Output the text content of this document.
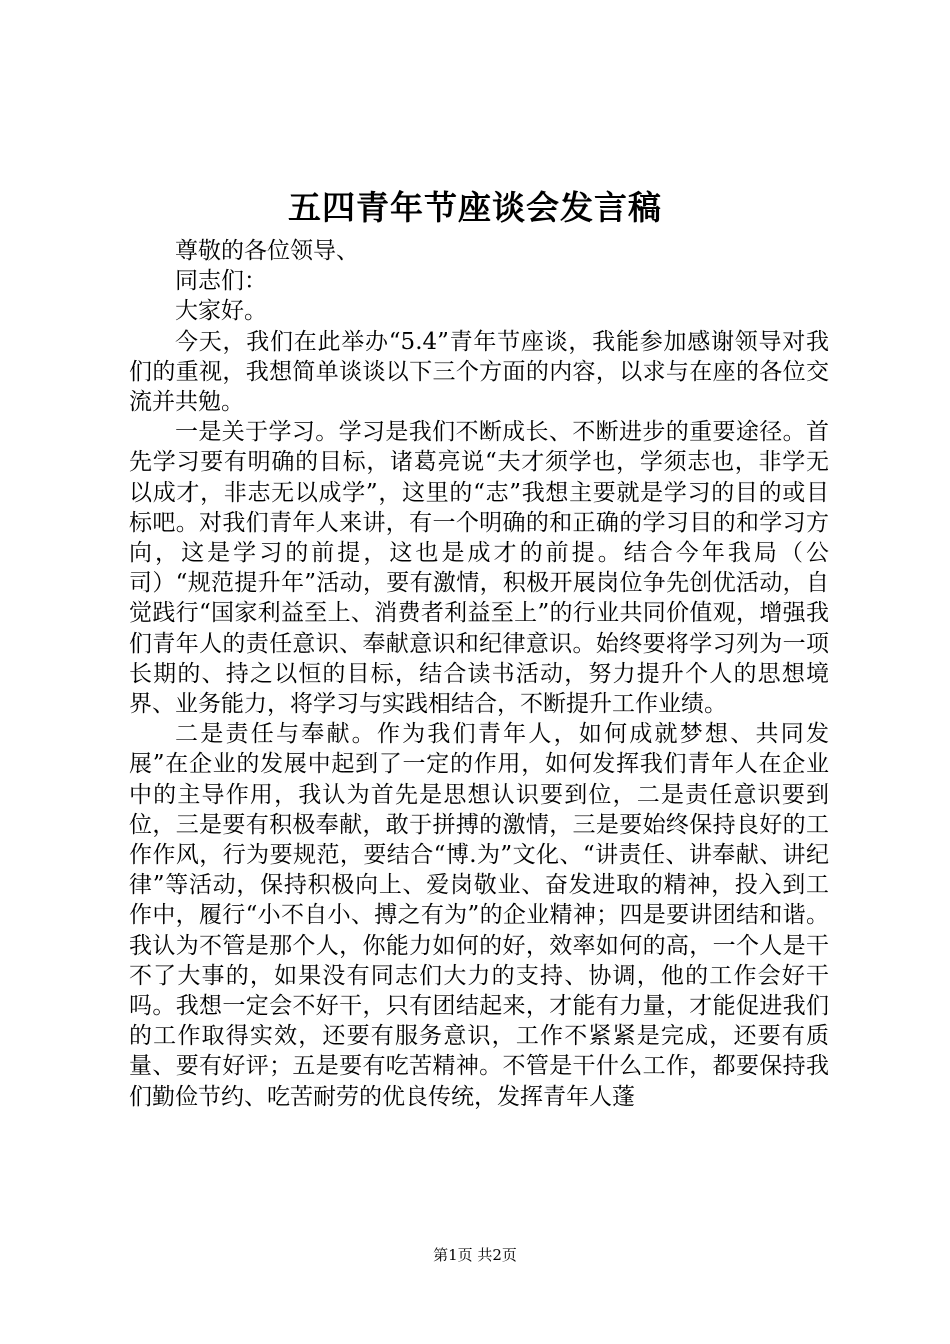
五四青年节座谈会发言稿

尊敬的各位领导、

同志们：

大家好。

今天，我们在此举办“5.4”青年节座谈，我能参加感谢领导对我们的重视，我想简单谈谈以下三个方面的内容，以求与在座的各位交流并共勉。

一是关于学习。学习是我们不断成长、不断进步的重要途径。首先学习要有明确的目标，诸葛亮说“夫才须学也，学须志也，非学无以成才，非志无以成学”，这里的“志”我想主要就是学习的目的或目标吧。对我们青年人来讲，有一个明确的和正确的学习目的和学习方向，这是学习的前提，这也是成才的前提。结合今年我局（公司）“规范提升年”活动，要有激情，积极开展岗位争先创优活动，自觉践行“国家利益至上、消费者利益至上”的行业共同价值观，增强我们青年人的责任意识、奉献意识和纪律意识。始终要将学习列为一项长期的、持之以恒的目标，结合读书活动，努力提升个人的思想境界、业务能力，将学习与实践相结合，不断提升工作业绩。

二是责任与奉献。作为我们青年人，如何成就梦想、共同发展”在企业的发展中起到了一定的作用，如何发挥我们青年人在企业中的主导作用，我认为首先是思想认识要到位，二是责任意识要到位，三是要有积极奉献，敢于拼搏的激情，三是要始终保持良好的工作作风，行为要规范，要结合“博.为”文化、“讲责任、讲奉献、讲纪律”等活动，保持积极向上、爱岗敬业、奋发进取的精神，投入到工作中，履行“小不自小、搏之有为”的企业精神；四是要讲团结和谐。我认为不管是那个人，你能力如何的好，效率如何的高，一个人是干不了大事的，如果没有同志们大力的支持、协调，他的工作会好干吗。我想一定会不好干，只有团结起来，才能有力量，才能促进我们的工作取得实效，还要有服务意识，工作不紧紧是完成，还要有质量、要有好评；五是要有吃苦精神。不管是干什么工作，都要保持我们勤俭节约、吃苦耐劳的优良传统，发挥青年人蓬

第1页 共2页
